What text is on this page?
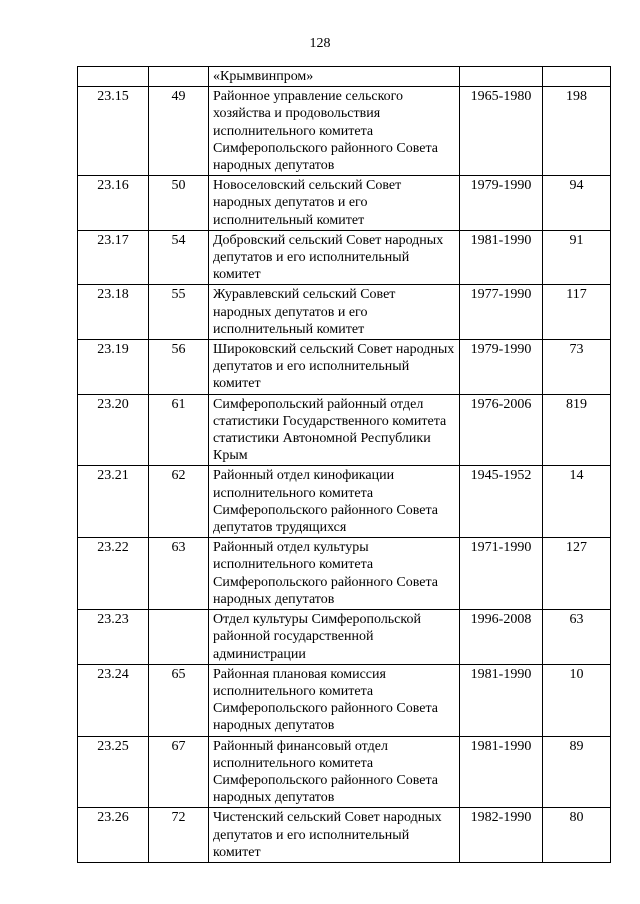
128
		«Крымвинпром»		
23.15	49	Районное управление сельского хозяйства и продовольствия исполнительного комитета Симферопольского районного Совета народных депутатов	1965-1980	198
23.16	50	Новоселовский сельский Совет народных депутатов и его исполнительный комитет	1979-1990	94
23.17	54	Добровский сельский Совет народных депутатов и его исполнительный комитет	1981-1990	91
23.18	55	Журавлевский сельский Совет народных депутатов и его исполнительный комитет	1977-1990	117
23.19	56	Широковский сельский Совет народных депутатов и его исполнительный комитет	1979-1990	73
23.20	61	Симферопольский районный отдел статистики Государственного комитета статистики Автономной Республики Крым	1976-2006	819
23.21	62	Районный отдел кинофикации исполнительного комитета Симферопольского районного Совета депутатов трудящихся	1945-1952	14
23.22	63	Районный отдел культуры исполнительного комитета Симферопольского районного Совета народных депутатов	1971-1990	127
23.23		Отдел культуры Симферопольской районной государственной администрации	1996-2008	63
23.24	65	Районная плановая комиссия исполнительного комитета Симферопольского районного Совета народных депутатов	1981-1990	10
23.25	67	Районный финансовый отдел исполнительного комитета Симферопольского районного Совета народных депутатов	1981-1990	89
23.26	72	Чистенский сельский Совет народных депутатов и его исполнительный комитет	1982-1990	80
